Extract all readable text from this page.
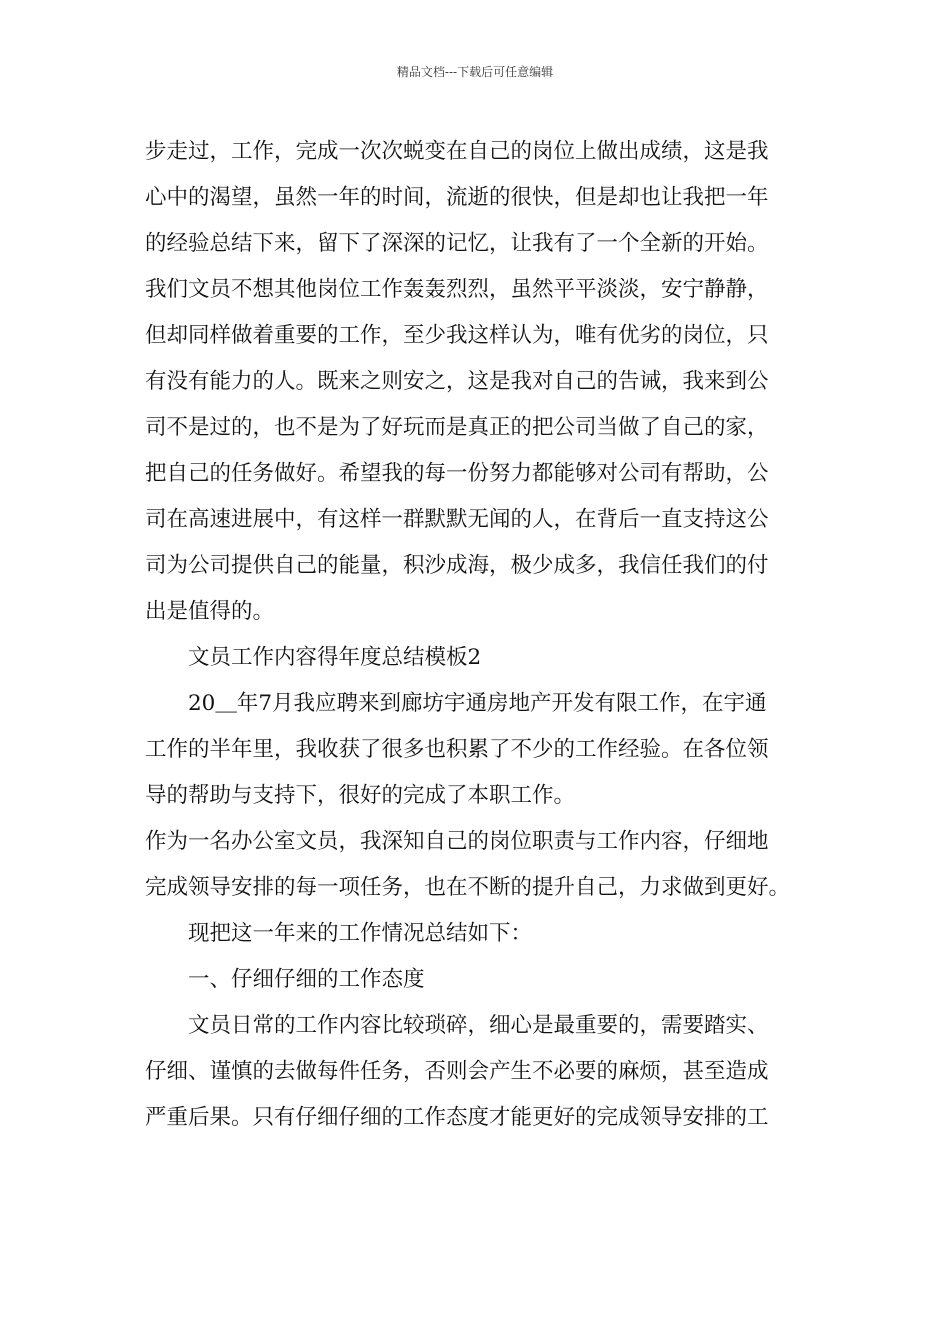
精品文档---下载后可任意编辑
步走过，工作，完成一次次蜕变在自己的岗位上做出成绩，这是我
心中的渴望，虽然一年的时间，流逝的很快，但是却也让我把一年
的经验总结下来，留下了深深的记忆，让我有了一个全新的开始。
我们文员不想其他岗位工作轰轰烈烈，虽然平平淡淡，安宁静静，
但却同样做着重要的工作，至少我这样认为，唯有优劣的岗位，只
有没有能力的人。既来之则安之，这是我对自己的告诫，我来到公
司不是过的，也不是为了好玩而是真正的把公司当做了自己的家，
把自己的任务做好。希望我的每一份努力都能够对公司有帮助，公
司在高速进展中，有这样一群默默无闻的人，在背后一直支持这公
司为公司提供自己的能量，积沙成海，极少成多，我信任我们的付
出是值得的。
　　文员工作内容得年度总结模板2
　　20＿年7月我应聘来到廊坊宇通房地产开发有限工作，在宇通
工作的半年里，我收获了很多也积累了不少的工作经验。在各位领
导的帮助与支持下，很好的完成了本职工作。
作为一名办公室文员，我深知自己的岗位职责与工作内容，仔细地
完成领导安排的每一项任务，也在不断的提升自己，力求做到更好。
　　现把这一年来的工作情况总结如下：
　　一、仔细仔细的工作态度
　　文员日常的工作内容比较琐碎，细心是最重要的，需要踏实、
仔细、谨慎的去做每件任务，否则会产生不必要的麻烦，甚至造成
严重后果。只有仔细仔细的工作态度才能更好的完成领导安排的工
